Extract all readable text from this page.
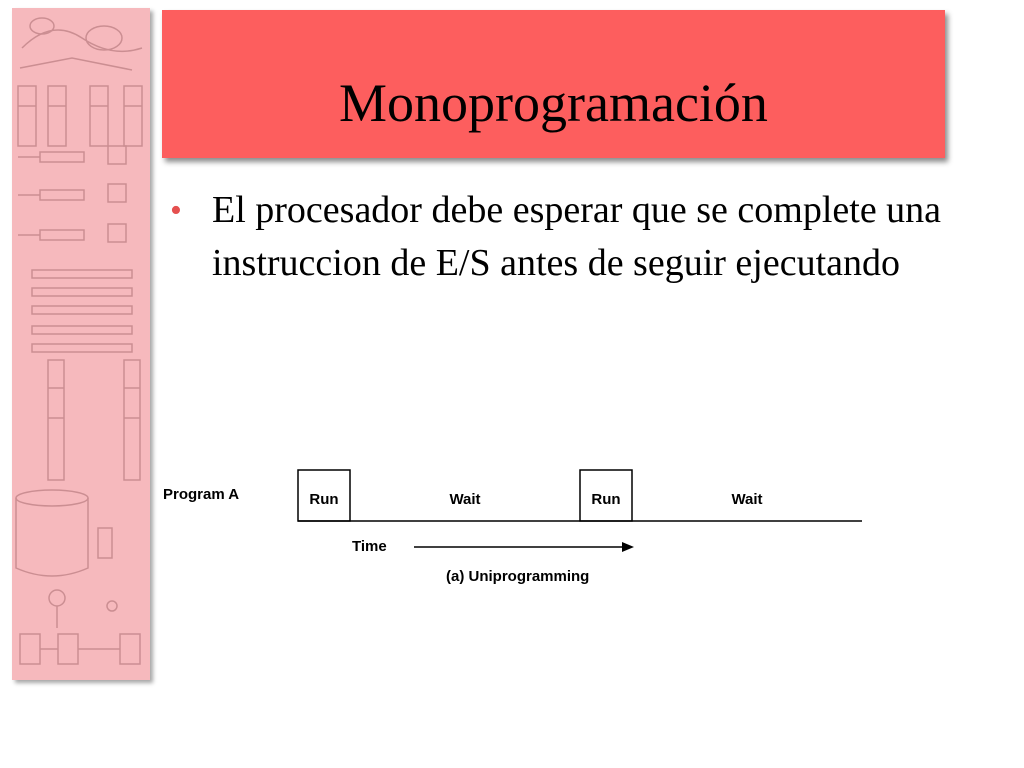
Monoprogramación
• El procesador debe esperar que se complete una instruccion de E/S antes de seguir ejecutando
Program A	Run	Wait	Run	Wait
Time
(a) Uniprogramming
